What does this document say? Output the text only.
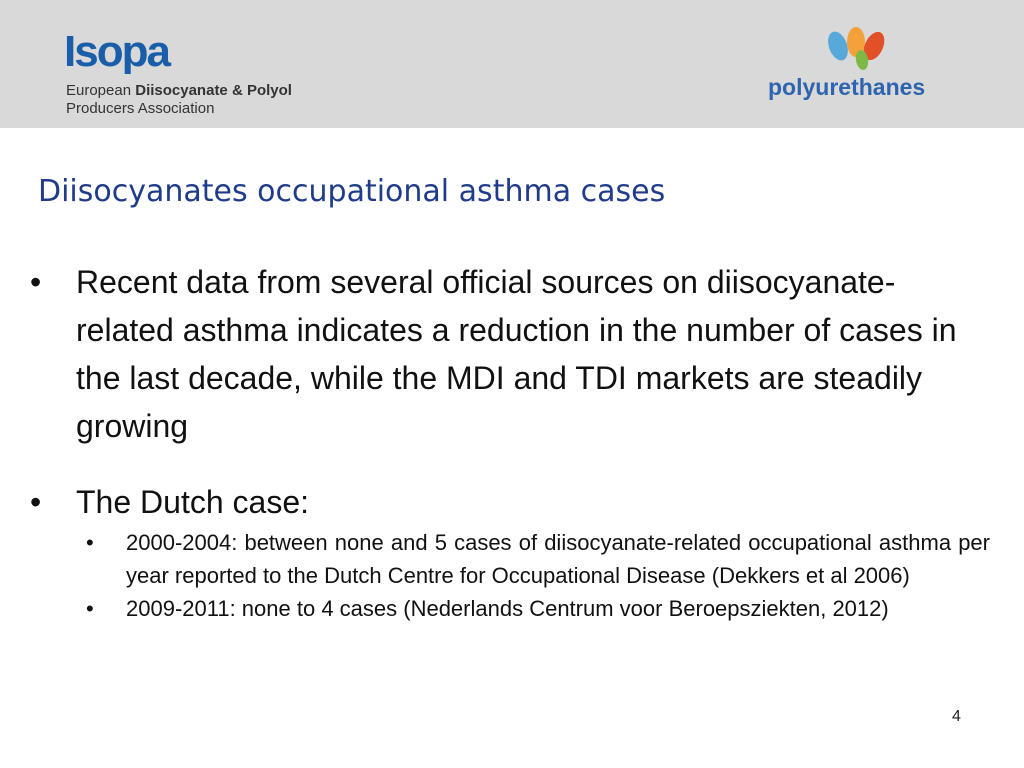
Isopa
European Diisocyanate & Polyol
Producers Association
polyurethanes
Diisocyanates occupational asthma cases
• Recent data from several official sources on diisocyanate-related asthma indicates a reduction in the number of cases in the last decade, while the MDI and TDI markets are steadily growing
• The Dutch case:
• 2000-2004: between none and 5 cases of diisocyanate-related occupational asthma per year reported to the Dutch Centre for Occupational Disease (Dekkers et al 2006)
• 2009-2011: none to 4 cases (Nederlands Centrum voor Beroepsziekten, 2012)
4
